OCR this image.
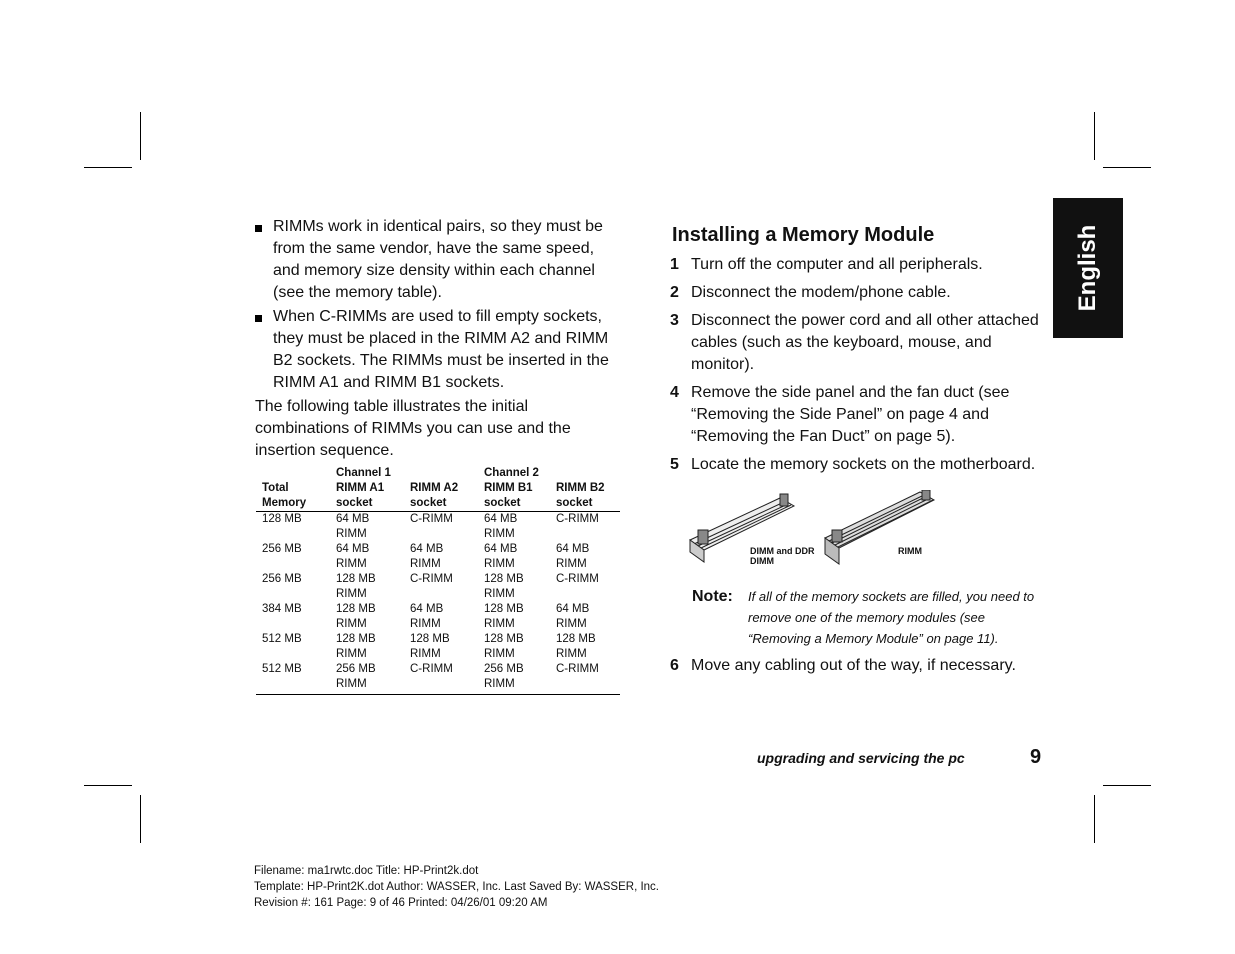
English
RIMMs work in identical pairs, so they must be from the same vendor, have the same speed, and memory size density within each channel (see the memory table).
When C-RIMMs are used to fill empty sockets, they must be placed in the RIMM A2 and RIMM B2 sockets. The RIMMs must be inserted in the RIMM A1 and RIMM B1 sockets.
The following table illustrates the initial combinations of RIMMs you can use and the insertion sequence.
	Channel 1		Channel 2	
Total Memory	RIMM A1 socket	RIMM A2 socket	RIMM B1 socket	RIMM B2 socket
128 MB	64 MB RIMM	C-RIMM	64 MB RIMM	C-RIMM
256 MB	64 MB RIMM	64 MB RIMM	64 MB RIMM	64 MB RIMM
256 MB	128 MB RIMM	C-RIMM	128 MB RIMM	C-RIMM
384 MB	128 MB RIMM	64 MB RIMM	128 MB RIMM	64 MB RIMM
512 MB	128 MB RIMM	128 MB RIMM	128 MB RIMM	128 MB RIMM
512 MB	256 MB RIMM	C-RIMM	256 MB RIMM	C-RIMM
Installing a Memory Module
1 Turn off the computer and all peripherals.
2 Disconnect the modem/phone cable.
3 Disconnect the power cord and all other attached cables (such as the keyboard, mouse, and monitor).
4 Remove the side panel and the fan duct (see “Removing the Side Panel” on page 4 and “Removing the Fan Duct” on page 5).
5 Locate the memory sockets on the motherboard.
DIMM and DDR DIMM
RIMM
Note:	If all of the memory sockets are filled, you need to remove one of the memory modules (see “Removing a Memory Module” on page 11).
6 Move any cabling out of the way, if necessary.
upgrading and servicing the pc	9
Filename: ma1rwtc.doc Title: HP-Print2k.dot
Template: HP-Print2K.dot Author: WASSER, Inc. Last Saved By: WASSER, Inc.
Revision #: 161 Page: 9 of 46 Printed: 04/26/01 09:20 AM
